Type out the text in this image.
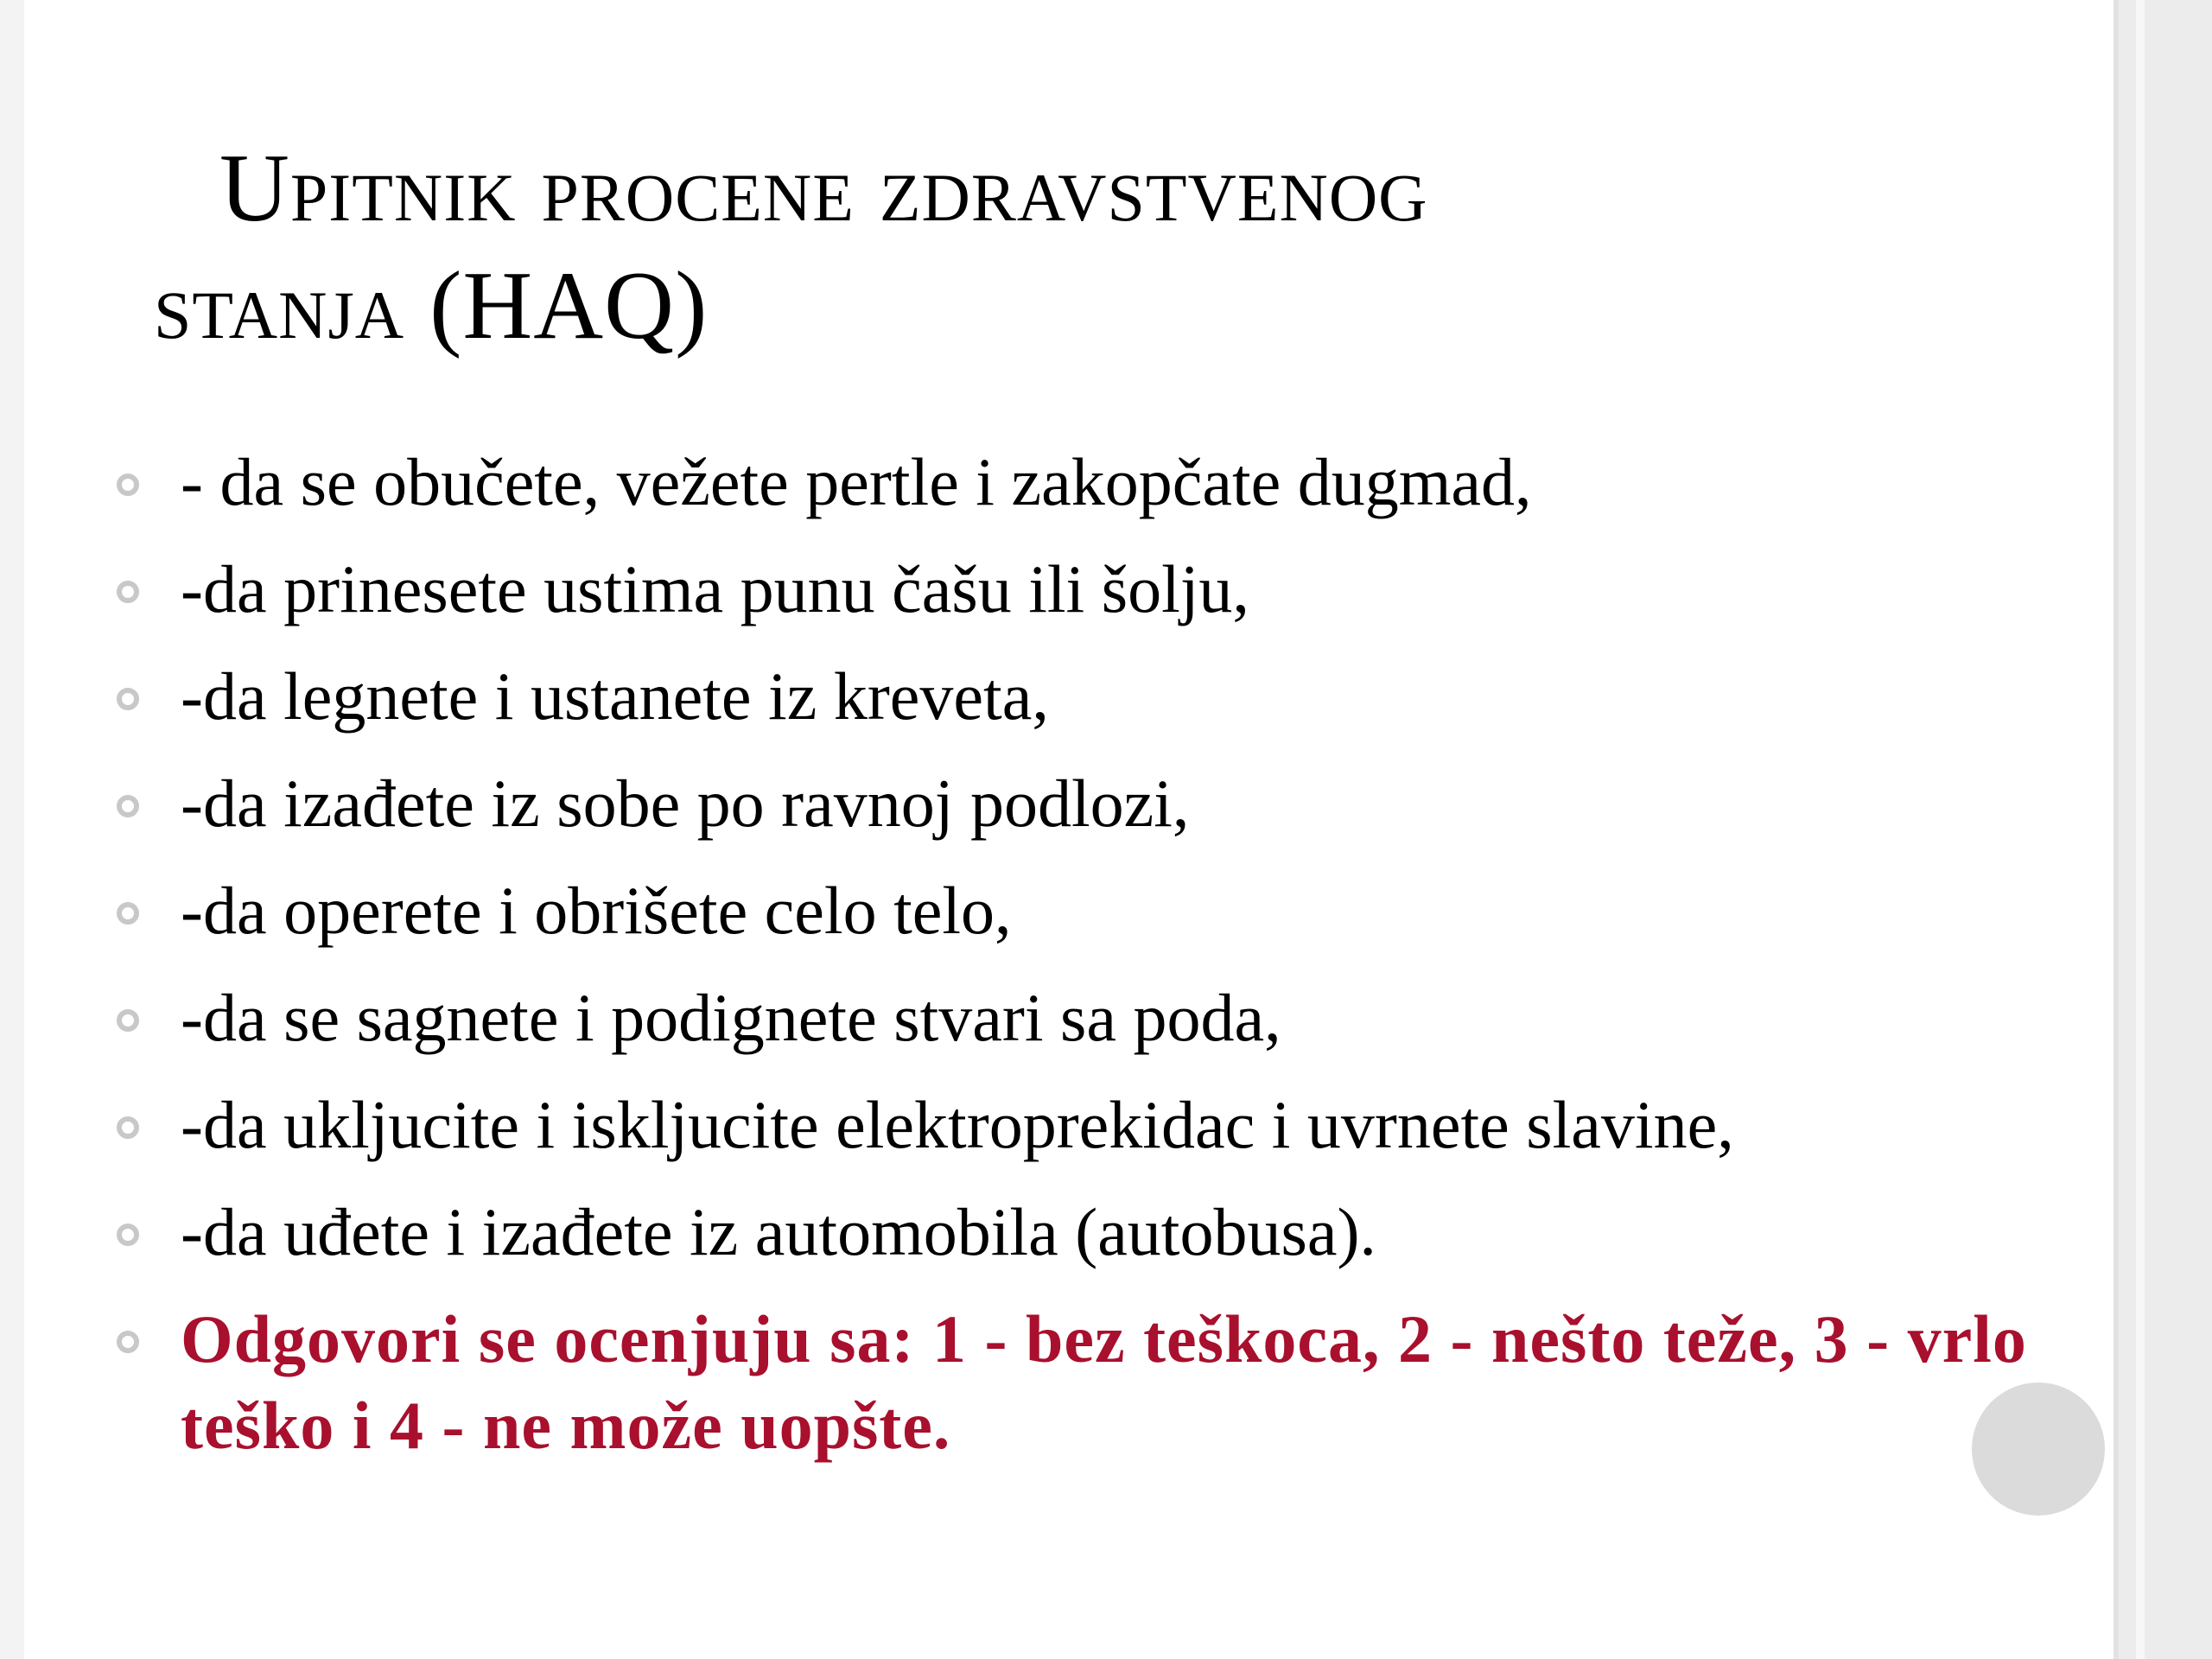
Upitnik procene zdravstvenog
stanja (HAQ)
- da se obučete, vežete pertle i zakopčate dugmad,
-da prinesete ustima punu čašu ili šolju,
-da legnete i ustanete iz kreveta,
-da izađete iz sobe po ravnoj podlozi,
-da operete i obrišete celo telo,
-da se sagnete i podignete stvari sa poda,
-da ukljucite i iskljucite elektroprekidac i uvrnete slavine,
-da uđete i izađete iz automobila (autobusa).
Odgovori se ocenjuju sa: 1 - bez teškoca, 2 - nešto teže, 3 - vrlo teško i 4 - ne može uopšte.
